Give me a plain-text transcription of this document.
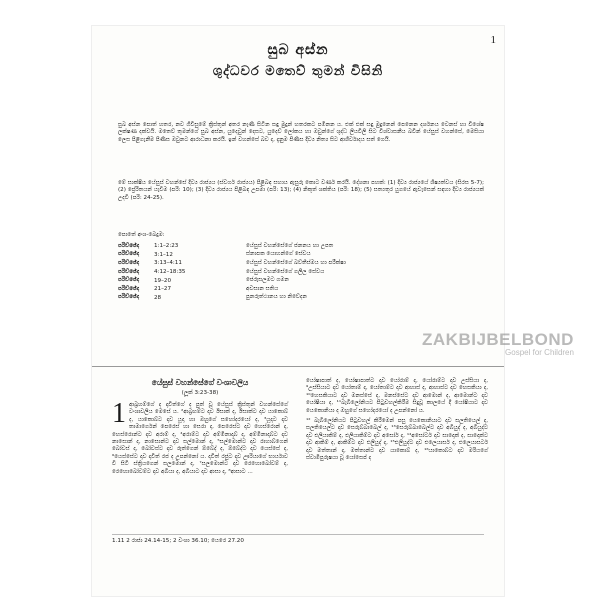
1
සුබ අස්න
ශුද්ධවර මතෙව් තුමන් විසිනි
සුබ අස්න පොත් හතර, නව ගිවිසුමේ ක්‍රිස්තුන් අතර නැණි සිටින සඳු මුදුන් හතරකට පමිනන ය. එක් එක් සඳු මුදුනෙන් පෙනෙන දර්ශනය වෙනස් හා විශේෂ ලක්ෂණ දක්වයි. මතෙව් තුමන්ගේ සුබ අස්න, යුදෙවුන් දෙසට, යුදෙව් ලෝකය හා ඔවුන්ගේ ශුද්ධ ලියවිලි සිට විශ්වාසනීය බවින් යේසුස් වහන්සේ, මෙසියා ලෙස පිළිගැනීම පිණිස ඔවුනට ආරාධනා කරයි. ඉන් වහන්සේ බව ද, දැනුම පිණිස දිව්‍ය නිත්‍ය සිට ආශීර්වාදය සත් ගෙයි.
මේ සාක්ෂිය යේසුස් වහන්සේ දිව්‍ය රාජ්‍යය (ස්වර්ග රාජ්‍යය) පිළිබඳ සහාය ඇසුරු කොට වර්ණ කරයි. දේශනා පහක්: (1) දිව්‍ය රාජ්‍යයේ ශිෂ්‍යත්වය (සිරස 5-7); (2) ප්‍රේරිතයන් යැවීම (පරි: 10); (3) දිව්‍ය රාජ්‍යය පිළිබඳ උපමා (පරි: 13); (4) නිකුත් ශක්තිය (පරි: 18); (5) සත්‍යතුර යුගයේ ඇවැසෙන් සඳහා දිව්‍ය රාජ්‍යයක් උදවී (පරි: 24-25).
පොතේ අංශ-බෙදුම:
පරිච්ඡේද	1:1–2:23	යේසුස් වහන්සේගේ ජනනය හා උපත
පරිච්ඡේද	3:1–12	ස්නාපක යොහන්ගේ සේවය
පරිච්ඡේද	3:13–4:11	යේසුස් වහන්සේගේ බව්තීස්මය හා පරීක්ෂා
පරිච්ඡේද	4:12–18:35	යේසුස් වහන්සේගේ ගලීල සේවය
පරිච්ඡේද	19–20	ජෙරුසලමට ගමන
පරිච්ඡේද	21–27	අවසාන සතිය
පරිච්ඡේද	28	පුනරුත්ථානය හා නිවේදන
ZAKBIJBELBOND
Gospel for Children
යේසුස් වහන්සේගේ වංශාවලිය
(ලූක් 3:23-38)
1 ආබ්‍රහම්ගේ ද දාවිත්ගේ ද පුත් වූ යේසුස් ක්‍රිස්තුන් වහන්සේගේ වංශාවලිය මෙසේ ය. ²ආබ්‍රහම්ට දාව ඊසාක් ද, ඊසාක්ට දාව යාකොබ් ද, යාකොබ්ට දාව යූදා හා ඔහුගේ සහෝදරයෝ ද, ³යූදාට දාව තාමාර්ගෙන් පෙරෙස් හා සෙරා ද, පෙරෙස්ට දාව හෙස්රොන් ද, හෙස්රොන්ට දාව අරාම් ද, ⁴අරාම්ට දාව අම්මිනාදාබ් ද, අම්මිනාදාබ්ට දාව නාසොන් ද, නාසොන්ට දාව සල්මොන් ද, ⁵සල්මොන්ට දාව රාහාබ්ගෙන් බෝවස් ද, බෝවස්ට දාව රූත්ගෙන් ඕබේද් ද, ඕබේද්ට දාව යෙස්සේ ද, ⁶යෙස්සේට දාව දාවිත් රජ ද උපන්නෝ ය. දාවිත් රජුට දාව ඌරියාගේ භාර්යාව වී සිටි ස්ත්‍රියගෙන් සලමොන් ද, ⁷සලමොන්ට දාව රෙහොබෝවම් ද, රෙහොබෝවම්ට දාව අබියා ද, අබියාට දාව ආසා ද, ⁸ආසාට ...

යෝෂාපාත් ද, යෝෂාපාත්ට දාව යෝරාම් ද, යෝරාම්ට දාව උස්සියා ද, ⁹උස්සියාට දාව යෝතාම් ද, යෝතාම්ට දාව ආහාස් ද, ආහාස්ට දාව හෙසකියා ද, ¹⁰හෙසකියාට දාව මනස්සේ ද, මනස්සේට දාව ආමොන් ද, ආමොන්ට දාව යෝෂියා ද, ¹¹බැබිලෝනියට පිටුවහල්කිරීම සිදුවූ කාලයේ දී යෝෂියාට දාව යෙකොනියා ද ඔහුගේ සහෝදරයෝ ද උපන්නෝ ය.

¹² බැබිලෝනියට පිටුවහල් කිරීමෙන් පසු යෙකොනියාට දාව සලතියෙල් ද, සලතියෙල්ට දාව සෙරුබ්බාබෙල් ද, ¹³සෙරුබ්බාබෙල්ට දාව අබියුද් ද, අබියුද්ට දාව එලියාකිම් ද, එලියාකිම්ට දාව අසෝර් ද, ¹⁴අසෝර්ට දාව සාදොක් ද, සාදොක්ට දාව ආකිම් ද, ආකිම්ට දාව එලියුද් ද, ¹⁵එලියුද්ට දාව එලෙයාසර් ද, එලෙයාසර්ට දාව මත්තාන් ද, මත්තාන්ට දාව යාකොබ් ද, ¹⁶යාකොබ්ට දාව මරියගේ ස්වාමිපුරුෂයා වූ යෝසෙප් ද

1.11 2 රාජා 24.14-15; 2 වංශා 36.10; යෙරෙ 27.20
